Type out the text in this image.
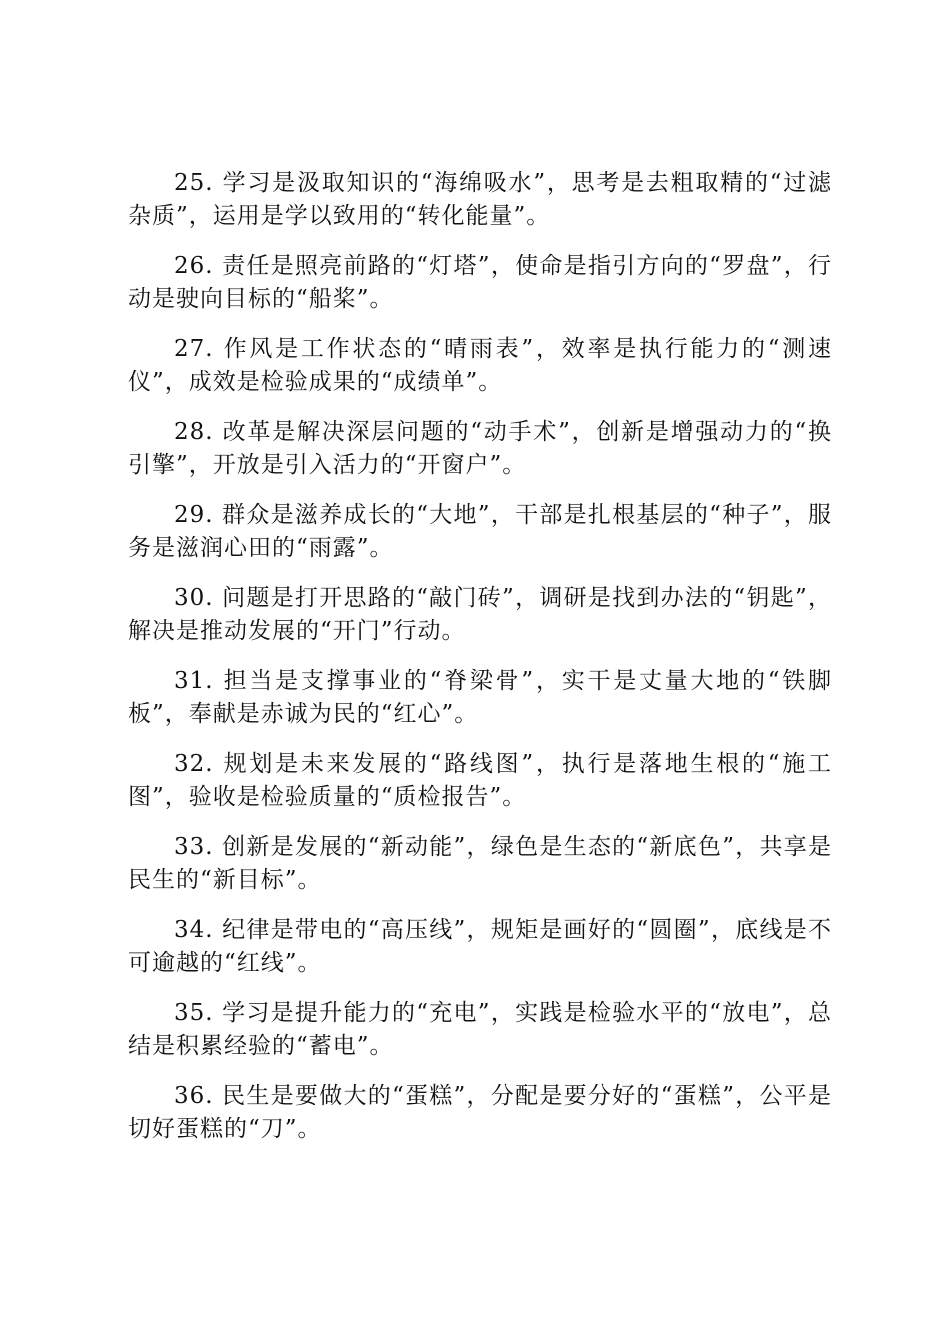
25. 学习是汲取知识的“海绵吸水”，思考是去粗取精的“过滤杂质”，运用是学以致用的“转化能量”。

26. 责任是照亮前路的“灯塔”，使命是指引方向的“罗盘”，行动是驶向目标的“船桨”。

27. 作风是工作状态的“晴雨表”，效率是执行能力的“测速仪”，成效是检验成果的“成绩单”。

28. 改革是解决深层问题的“动手术”，创新是增强动力的“换引擎”，开放是引入活力的“开窗户”。

29. 群众是滋养成长的“大地”，干部是扎根基层的“种子”，服务是滋润心田的“雨露”。

30. 问题是打开思路的“敲门砖”，调研是找到办法的“钥匙”，解决是推动发展的“开门”行动。

31. 担当是支撑事业的“脊梁骨”，实干是丈量大地的“铁脚板”，奉献是赤诚为民的“红心”。

32. 规划是未来发展的“路线图”，执行是落地生根的“施工图”，验收是检验质量的“质检报告”。

33. 创新是发展的“新动能”，绿色是生态的“新底色”，共享是民生的“新目标”。

34. 纪律是带电的“高压线”，规矩是画好的“圆圈”，底线是不可逾越的“红线”。

35. 学习是提升能力的“充电”，实践是检验水平的“放电”，总结是积累经验的“蓄电”。

36. 民生是要做大的“蛋糕”，分配是要分好的“蛋糕”，公平是切好蛋糕的“刀”。
